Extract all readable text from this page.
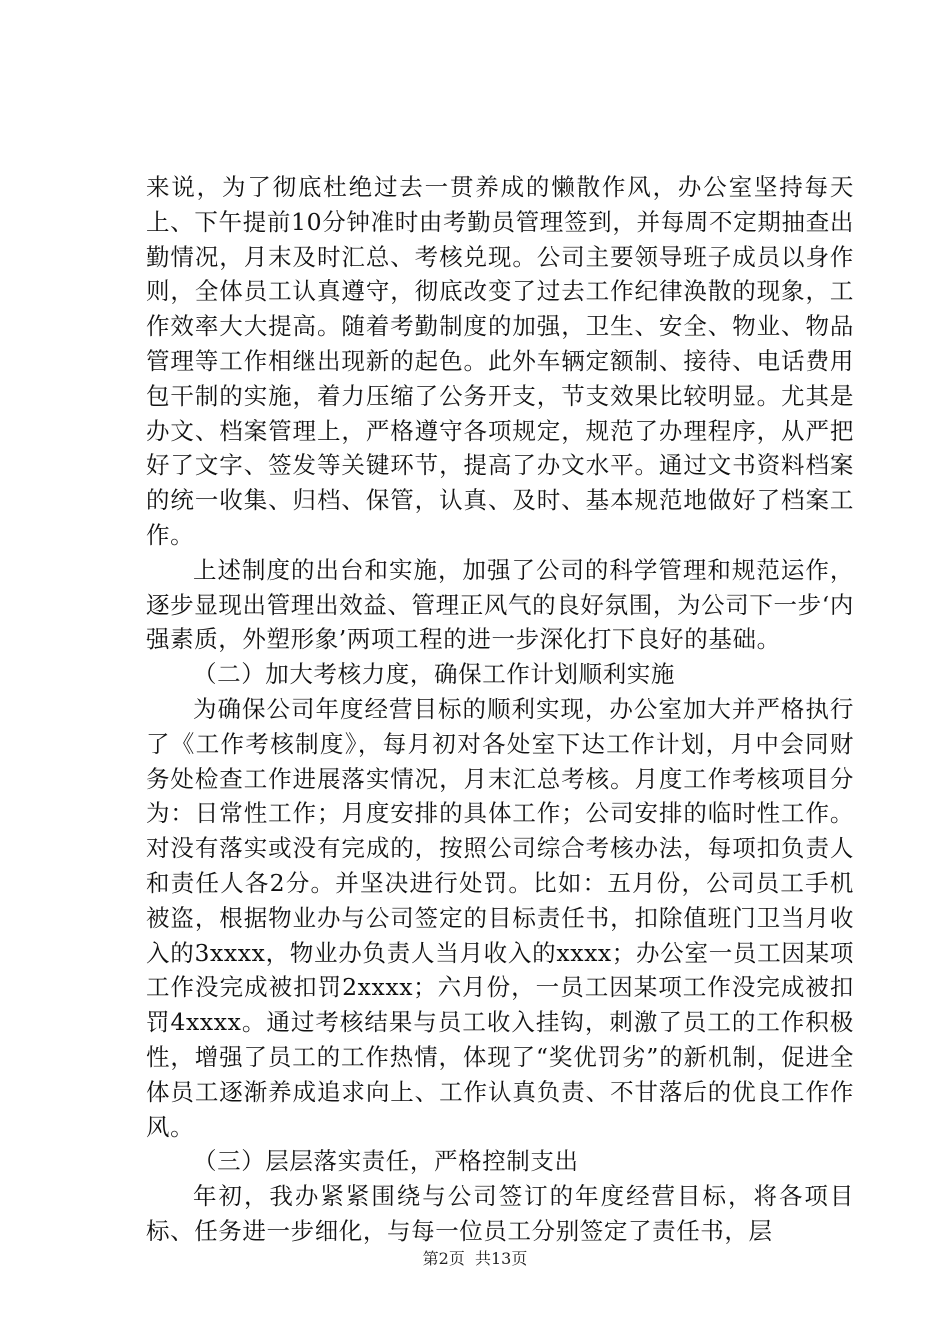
来说，为了彻底杜绝过去一贯养成的懒散作风，办公室坚持每天上、下午提前10分钟准时由考勤员管理签到，并每周不定期抽查出勤情况，月末及时汇总、考核兑现。公司主要领导班子成员以身作则，全体员工认真遵守，彻底改变了过去工作纪律涣散的现象，工作效率大大提高。随着考勤制度的加强，卫生、安全、物业、物品管理等工作相继出现新的起色。此外车辆定额制、接待、电话费用包干制的实施，着力压缩了公务开支，节支效果比较明显。尤其是办文、档案管理上，严格遵守各项规定，规范了办理程序，从严把好了文字、签发等关键环节，提高了办文水平。通过文书资料档案的统一收集、归档、保管，认真、及时、基本规范地做好了档案工作。

上述制度的出台和实施，加强了公司的科学管理和规范运作，逐步显现出管理出效益、管理正风气的良好氛围，为公司下一步‘内强素质，外塑形象’两项工程的进一步深化打下良好的基础。

（二）加大考核力度，确保工作计划顺利实施

为确保公司年度经营目标的顺利实现，办公室加大并严格执行了《工作考核制度》，每月初对各处室下达工作计划，月中会同财务处检查工作进展落实情况，月末汇总考核。月度工作考核项目分为：日常性工作；月度安排的具体工作；公司安排的临时性工作。对没有落实或没有完成的，按照公司综合考核办法，每项扣负责人和责任人各2分。并坚决进行处罚。比如：五月份，公司员工手机被盗，根据物业办与公司签定的目标责任书，扣除值班门卫当月收入的3xxxx，物业办负责人当月收入的xxxx；办公室一员工因某项工作没完成被扣罚2xxxx；六月份，一员工因某项工作没完成被扣罚4xxxx。通过考核结果与员工收入挂钩，刺激了员工的工作积极性，增强了员工的工作热情，体现了“奖优罚劣”的新机制，促进全体员工逐渐养成追求向上、工作认真负责、不甘落后的优良工作作风。

（三）层层落实责任，严格控制支出

年初，我办紧紧围绕与公司签订的年度经营目标，将各项目标、任务进一步细化，与每一位员工分别签定了责任书，层

第2页  共13页
